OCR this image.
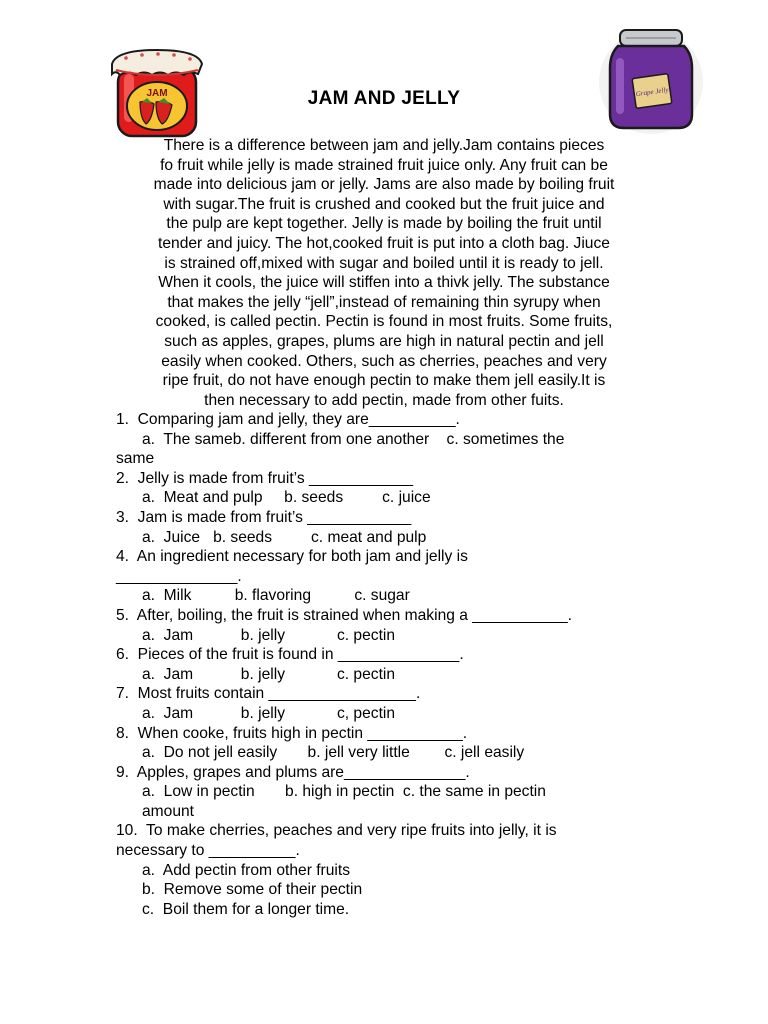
JAM	Grape Jelly
JAM AND JELLY
There is a difference between jam and jelly.Jam contains pieces
fo fruit while jelly is made strained fruit juice only. Any fruit can be
made into delicious jam or jelly. Jams are also made by boiling fruit
with sugar.The fruit is crushed and cooked but the fruit juice and
the pulp are kept together. Jelly is made by boiling the fruit until
tender and juicy. The hot,cooked fruit is put into a cloth bag. Jiuce
is strained off,mixed with sugar and boiled until it is ready to jell.
When it cools, the juice will stiffen into a thivk jelly. The substance
that makes the jelly “jell”,instead of remaining thin syrupy when
cooked, is called pectin. Pectin is found in most fruits. Some fruits,
such as apples, grapes, plums are high in natural pectin and jell
easily when cooked. Others, such as cherries, peaches and very
ripe fruit, do not have enough pectin to make them jell easily.It is
then necessary to add pectin, made from other fuits.
1.  Comparing jam and jelly, they are__________.
a.  The sameb. different from one another    c. sometimes the
same
2.  Jelly is made from fruit’s ____________
a.  Meat and pulp     b. seeds         c. juice
3.  Jam is made from fruit’s ____________
a.  Juice   b. seeds         c. meat and pulp
4.  An ingredient necessary for both jam and jelly is
______________.
a.  Milk          b. flavoring          c. sugar
5.  After, boiling, the fruit is strained when making a ___________.
a.  Jam           b. jelly            c. pectin
6.  Pieces of the fruit is found in ______________.
a.  Jam           b. jelly            c. pectin
7.  Most fruits contain _________________.
a.  Jam           b. jelly            c, pectin
8.  When cooke, fruits high in pectin ___________.
a.  Do not jell easily       b. jell very little        c. jell easily
9.  Apples, grapes and plums are______________.
a.  Low in pectin       b. high in pectin  c. the same in pectin
amount
10.  To make cherries, peaches and very ripe fruits into jelly, it is
necessary to __________.
a.  Add pectin from other fruits
b.  Remove some of their pectin
c.  Boil them for a longer time.
